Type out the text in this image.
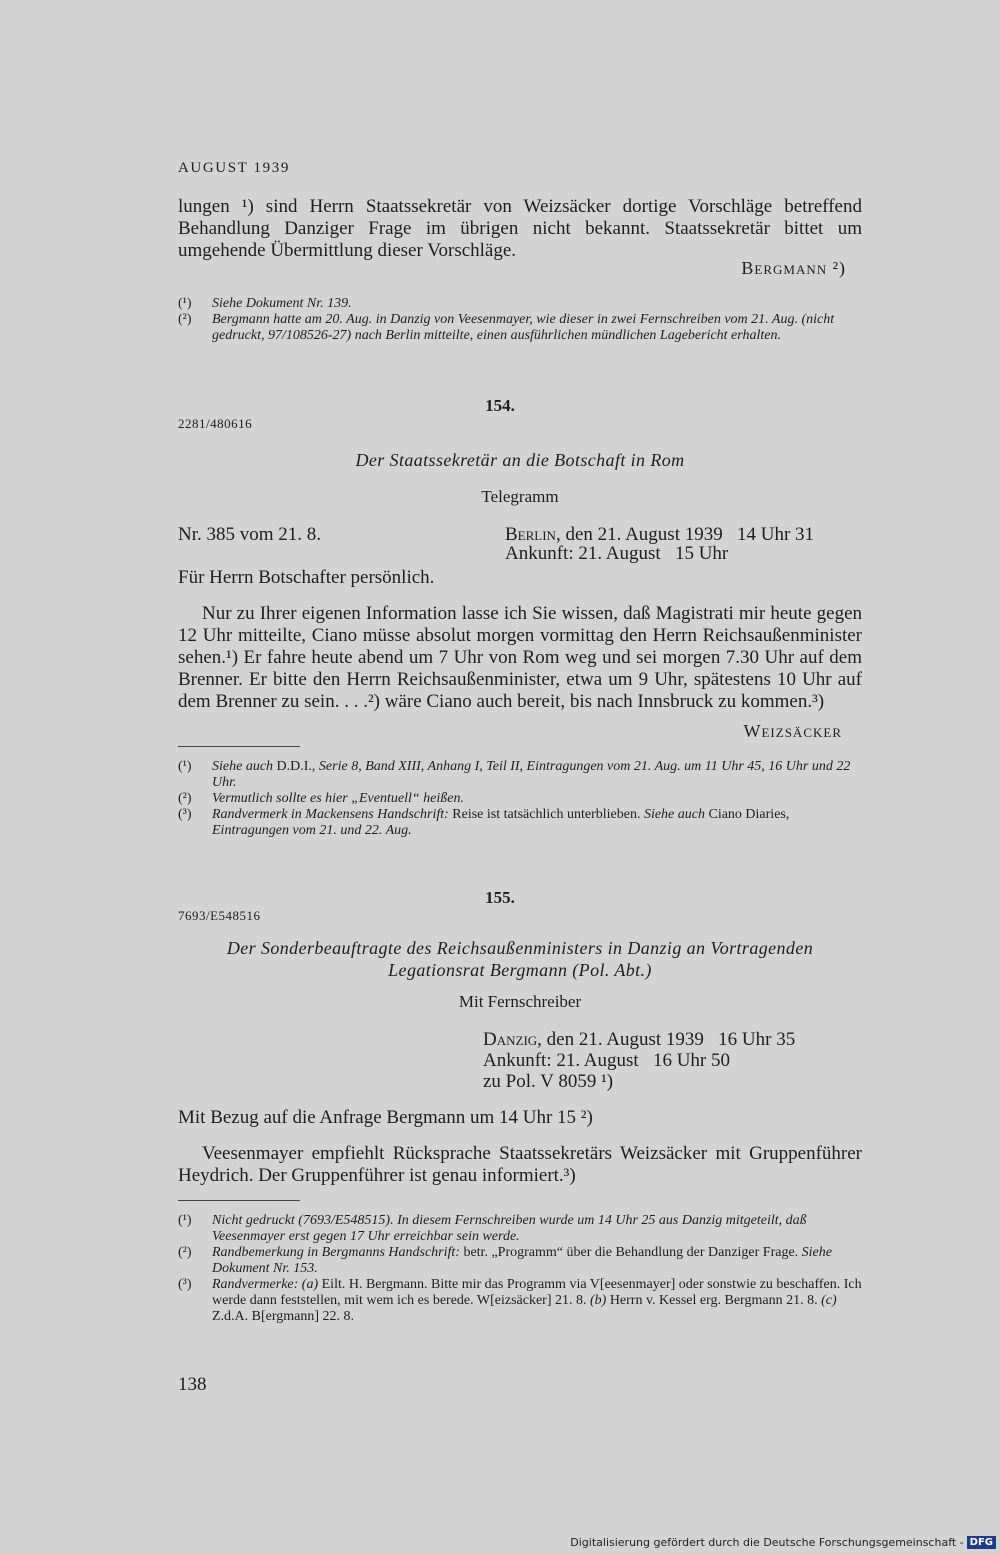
AUGUST 1939
lungen ¹) sind Herrn Staatssekretär von Weizsäcker dortige Vorschläge betreffend Behandlung Danziger Frage im übrigen nicht bekannt. Staatssekretär bittet um umgehende Übermittlung dieser Vorschläge.
Bergmann ²)
(¹)	Siehe Dokument Nr. 139.
(²)	Bergmann hatte am 20. Aug. in Danzig von Veesenmayer, wie dieser in zwei Fernschreiben vom 21. Aug. (nicht gedruckt, 97/108526-27) nach Berlin mitteilte, einen ausführlichen mündlichen Lagebericht erhalten.
154.
2281/480616
Der Staatssekretär an die Botschaft in Rom
Telegramm
Nr. 385 vom 21. 8.	Berlin, den 21. August 1939   14 Uhr 31
Ankunft: 21. August   15 Uhr
Für Herrn Botschafter persönlich.
Nur zu Ihrer eigenen Information lasse ich Sie wissen, daß Magistrati mir heute gegen 12 Uhr mitteilte, Ciano müsse absolut morgen vormittag den Herrn Reichsaußenminister sehen.¹) Er fahre heute abend um 7 Uhr von Rom weg und sei morgen 7.30 Uhr auf dem Brenner. Er bitte den Herrn Reichsaußenminister, etwa um 9 Uhr, spätestens 10 Uhr auf dem Brenner zu sein. . . .²) wäre Ciano auch bereit, bis nach Innsbruck zu kommen.³)
Weizsäcker
(¹)	Siehe auch D.D.I., Serie 8, Band XIII, Anhang I, Teil II, Eintragungen vom 21. Aug. um 11 Uhr 45, 16 Uhr und 22 Uhr.
(²)	Vermutlich sollte es hier „Eventuell“ heißen.
(³)	Randvermerk in Mackensens Handschrift: Reise ist tatsächlich unterblieben. Siehe auch Ciano Diaries, Eintragungen vom 21. und 22. Aug.
155.
7693/E548516
Der Sonderbeauftragte des Reichsaußenministers in Danzig an Vortragenden
Legationsrat Bergmann (Pol. Abt.)
Mit Fernschreiber
Danzig, den 21. August 1939   16 Uhr 35
Ankunft: 21. August   16 Uhr 50
zu Pol. V 8059 ¹)
Mit Bezug auf die Anfrage Bergmann um 14 Uhr 15 ²)
Veesenmayer empfiehlt Rücksprache Staatssekretärs Weizsäcker mit Gruppenführer Heydrich. Der Gruppenführer ist genau informiert.³)
(¹)	Nicht gedruckt (7693/E548515). In diesem Fernschreiben wurde um 14 Uhr 25 aus Danzig mitgeteilt, daß Veesenmayer erst gegen 17 Uhr erreichbar sein werde.
(²)	Randbemerkung in Bergmanns Handschrift: betr. „Programm“ über die Behandlung der Danziger Frage. Siehe Dokument Nr. 153.
(³)	Randvermerke: (a) Eilt. H. Bergmann. Bitte mir das Programm via V[eesenmayer] oder sonstwie zu beschaffen. Ich werde dann feststellen, mit wem ich es berede. W[eizsäcker] 21. 8. (b) Herrn v. Kessel erg. Bergmann 21. 8. (c) Z.d.A. B[ergmann] 22. 8.
138
Digitalisierung gefördert durch die Deutsche Forschungsgemeinschaft - DFG
